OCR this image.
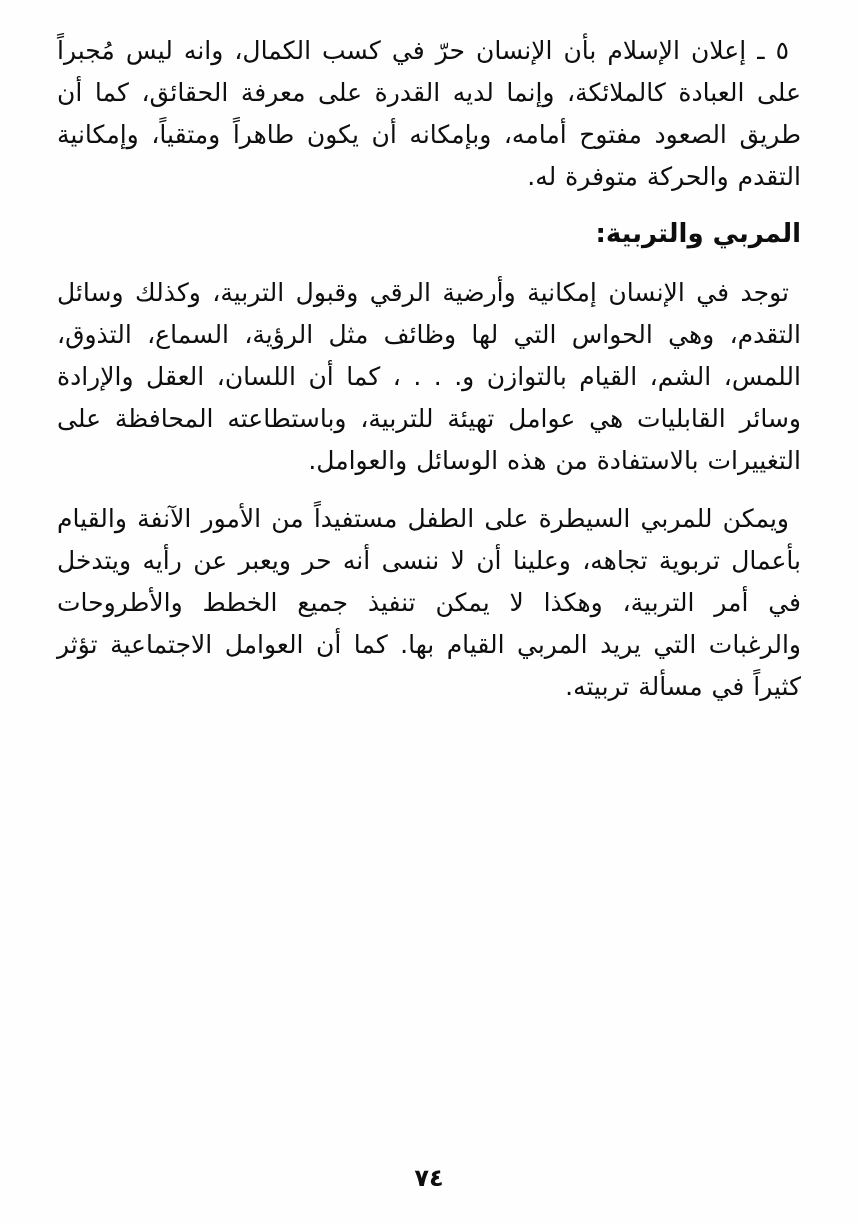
٥ ـ إعلان الإسلام بأن الإنسان حرّ في كسب الكمال، وانه ليس مُجبراً على العبادة كالملائكة، وإنما لديه القدرة على معرفة الحقائق، كما أن طريق الصعود مفتوح أمامه، وبإمكانه أن يكون طاهراً ومتقياً، وإمكانية التقدم والحركة متوفرة له.

المربي والتربية:

توجد في الإنسان إمكانية وأرضية الرقي وقبول التربية، وكذلك وسائل التقدم، وهي الحواس التي لها وظائف مثل الرؤية، السماع، التذوق، اللمس، الشم، القيام بالتوازن و. . . ، كما أن اللسان، العقل والإرادة وسائر القابليات هي عوامل تهيئة للتربية، وباستطاعته المحافظة على التغييرات بالاستفادة من هذه الوسائل والعوامل.

ويمكن للمربي السيطرة على الطفل مستفيداً من الأمور الآنفة والقيام بأعمال تربوية تجاهه، وعلينا أن لا ننسى أنه حر ويعبر عن رأيه ويتدخل في أمر التربية، وهكذا لا يمكن تنفيذ جميع الخطط والأطروحات والرغبات التي يريد المربي القيام بها. كما أن العوامل الاجتماعية تؤثر كثيراً في مسألة تربيته.

٧٤
